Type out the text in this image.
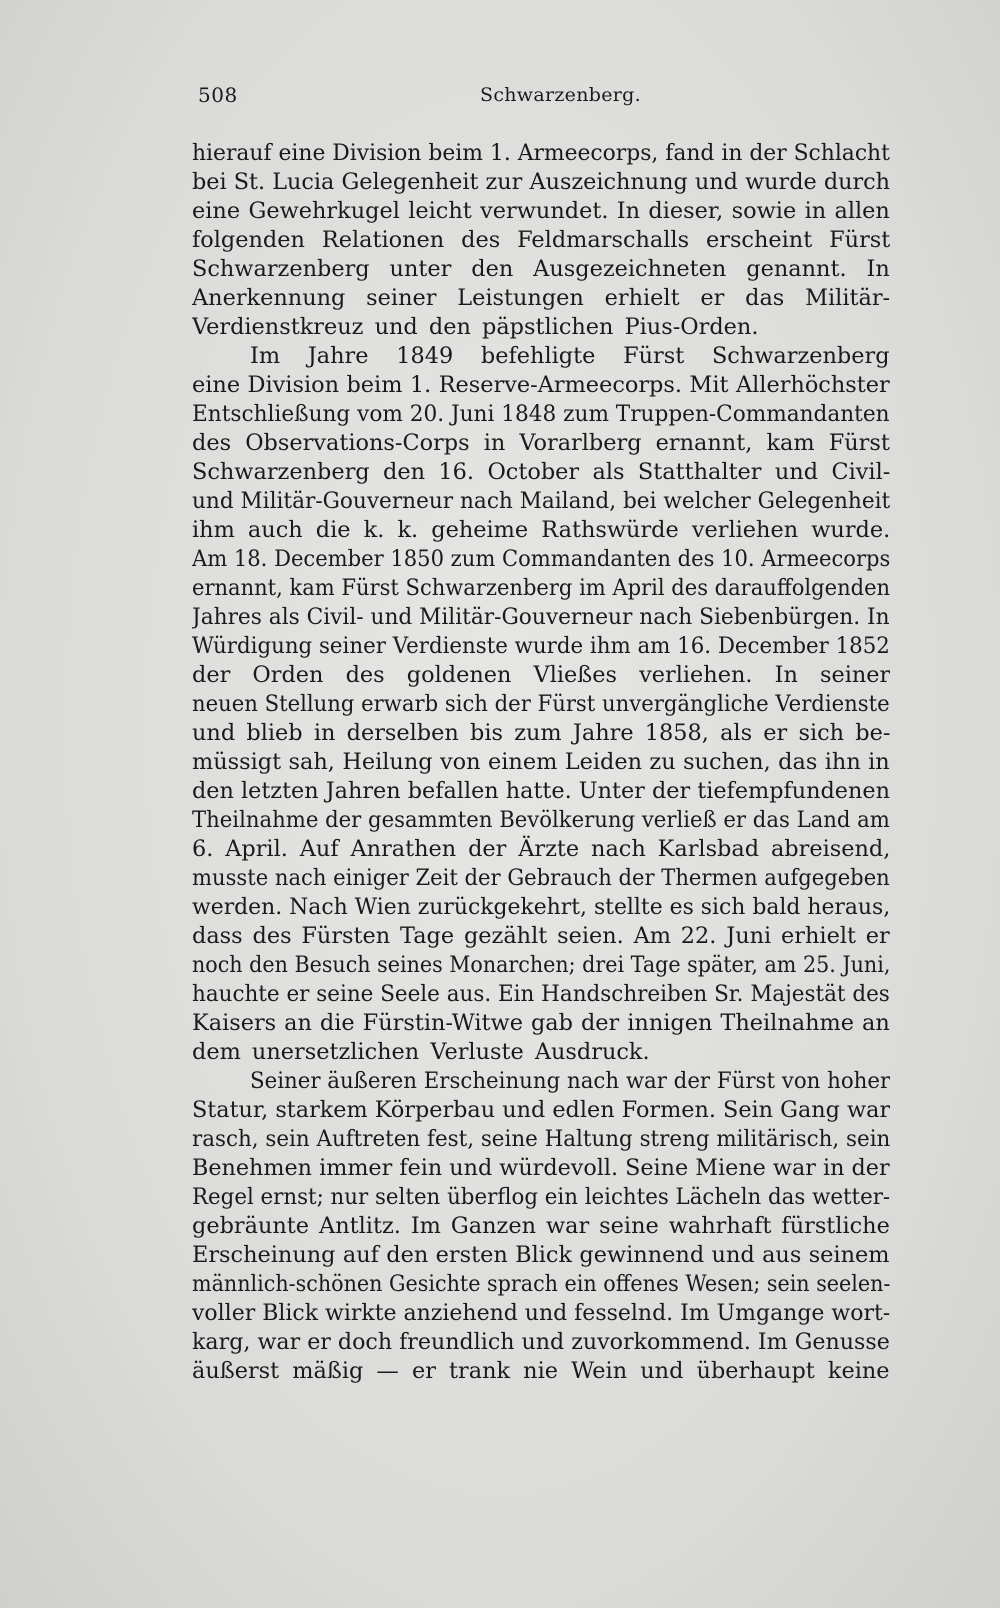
508	Schwarzenberg.
hierauf eine Division beim 1. Armeecorps, fand in der Schlacht
bei St. Lucia Gelegenheit zur Auszeichnung und wurde durch
eine Gewehrkugel leicht verwundet. In dieser, sowie in allen
folgenden Relationen des Feldmarschalls erscheint Fürst
Schwarzenberg unter den Ausgezeichneten genannt. In
Anerkennung seiner Leistungen erhielt er das Militär-
Verdienstkreuz und den päpstlichen Pius-Orden.
Im Jahre 1849 befehligte Fürst Schwarzenberg
eine Division beim 1. Reserve-Armeecorps. Mit Allerhöchster
Entschließung vom 20. Juni 1848 zum Truppen-Commandanten
des Observations-Corps in Vorarlberg ernannt, kam Fürst
Schwarzenberg den 16. October als Statthalter und Civil-
und Militär-Gouverneur nach Mailand, bei welcher Gelegenheit
ihm auch die k. k. geheime Rathswürde verliehen wurde.
Am 18. December 1850 zum Commandanten des 10. Armeecorps
ernannt, kam Fürst Schwarzenberg im April des darauffolgenden
Jahres als Civil- und Militär-Gouverneur nach Siebenbürgen. In
Würdigung seiner Verdienste wurde ihm am 16. December 1852
der Orden des goldenen Vließes verliehen. In seiner
neuen Stellung erwarb sich der Fürst unvergängliche Verdienste
und blieb in derselben bis zum Jahre 1858, als er sich be-
müssigt sah, Heilung von einem Leiden zu suchen, das ihn in
den letzten Jahren befallen hatte. Unter der tiefempfundenen
Theilnahme der gesammten Bevölkerung verließ er das Land am
6. April. Auf Anrathen der Ärzte nach Karlsbad abreisend,
musste nach einiger Zeit der Gebrauch der Thermen aufgegeben
werden. Nach Wien zurückgekehrt, stellte es sich bald heraus,
dass des Fürsten Tage gezählt seien. Am 22. Juni erhielt er
noch den Besuch seines Monarchen; drei Tage später, am 25. Juni,
hauchte er seine Seele aus. Ein Handschreiben Sr. Majestät des
Kaisers an die Fürstin-Witwe gab der innigen Theilnahme an
dem unersetzlichen Verluste Ausdruck.
Seiner äußeren Erscheinung nach war der Fürst von hoher
Statur, starkem Körperbau und edlen Formen. Sein Gang war
rasch, sein Auftreten fest, seine Haltung streng militärisch, sein
Benehmen immer fein und würdevoll. Seine Miene war in der
Regel ernst; nur selten überflog ein leichtes Lächeln das wetter-
gebräunte Antlitz. Im Ganzen war seine wahrhaft fürstliche
Erscheinung auf den ersten Blick gewinnend und aus seinem
männlich-schönen Gesichte sprach ein offenes Wesen; sein seelen-
voller Blick wirkte anziehend und fesselnd. Im Umgange wort-
karg, war er doch freundlich und zuvorkommend. Im Genusse
äußerst mäßig — er trank nie Wein und überhaupt keine
